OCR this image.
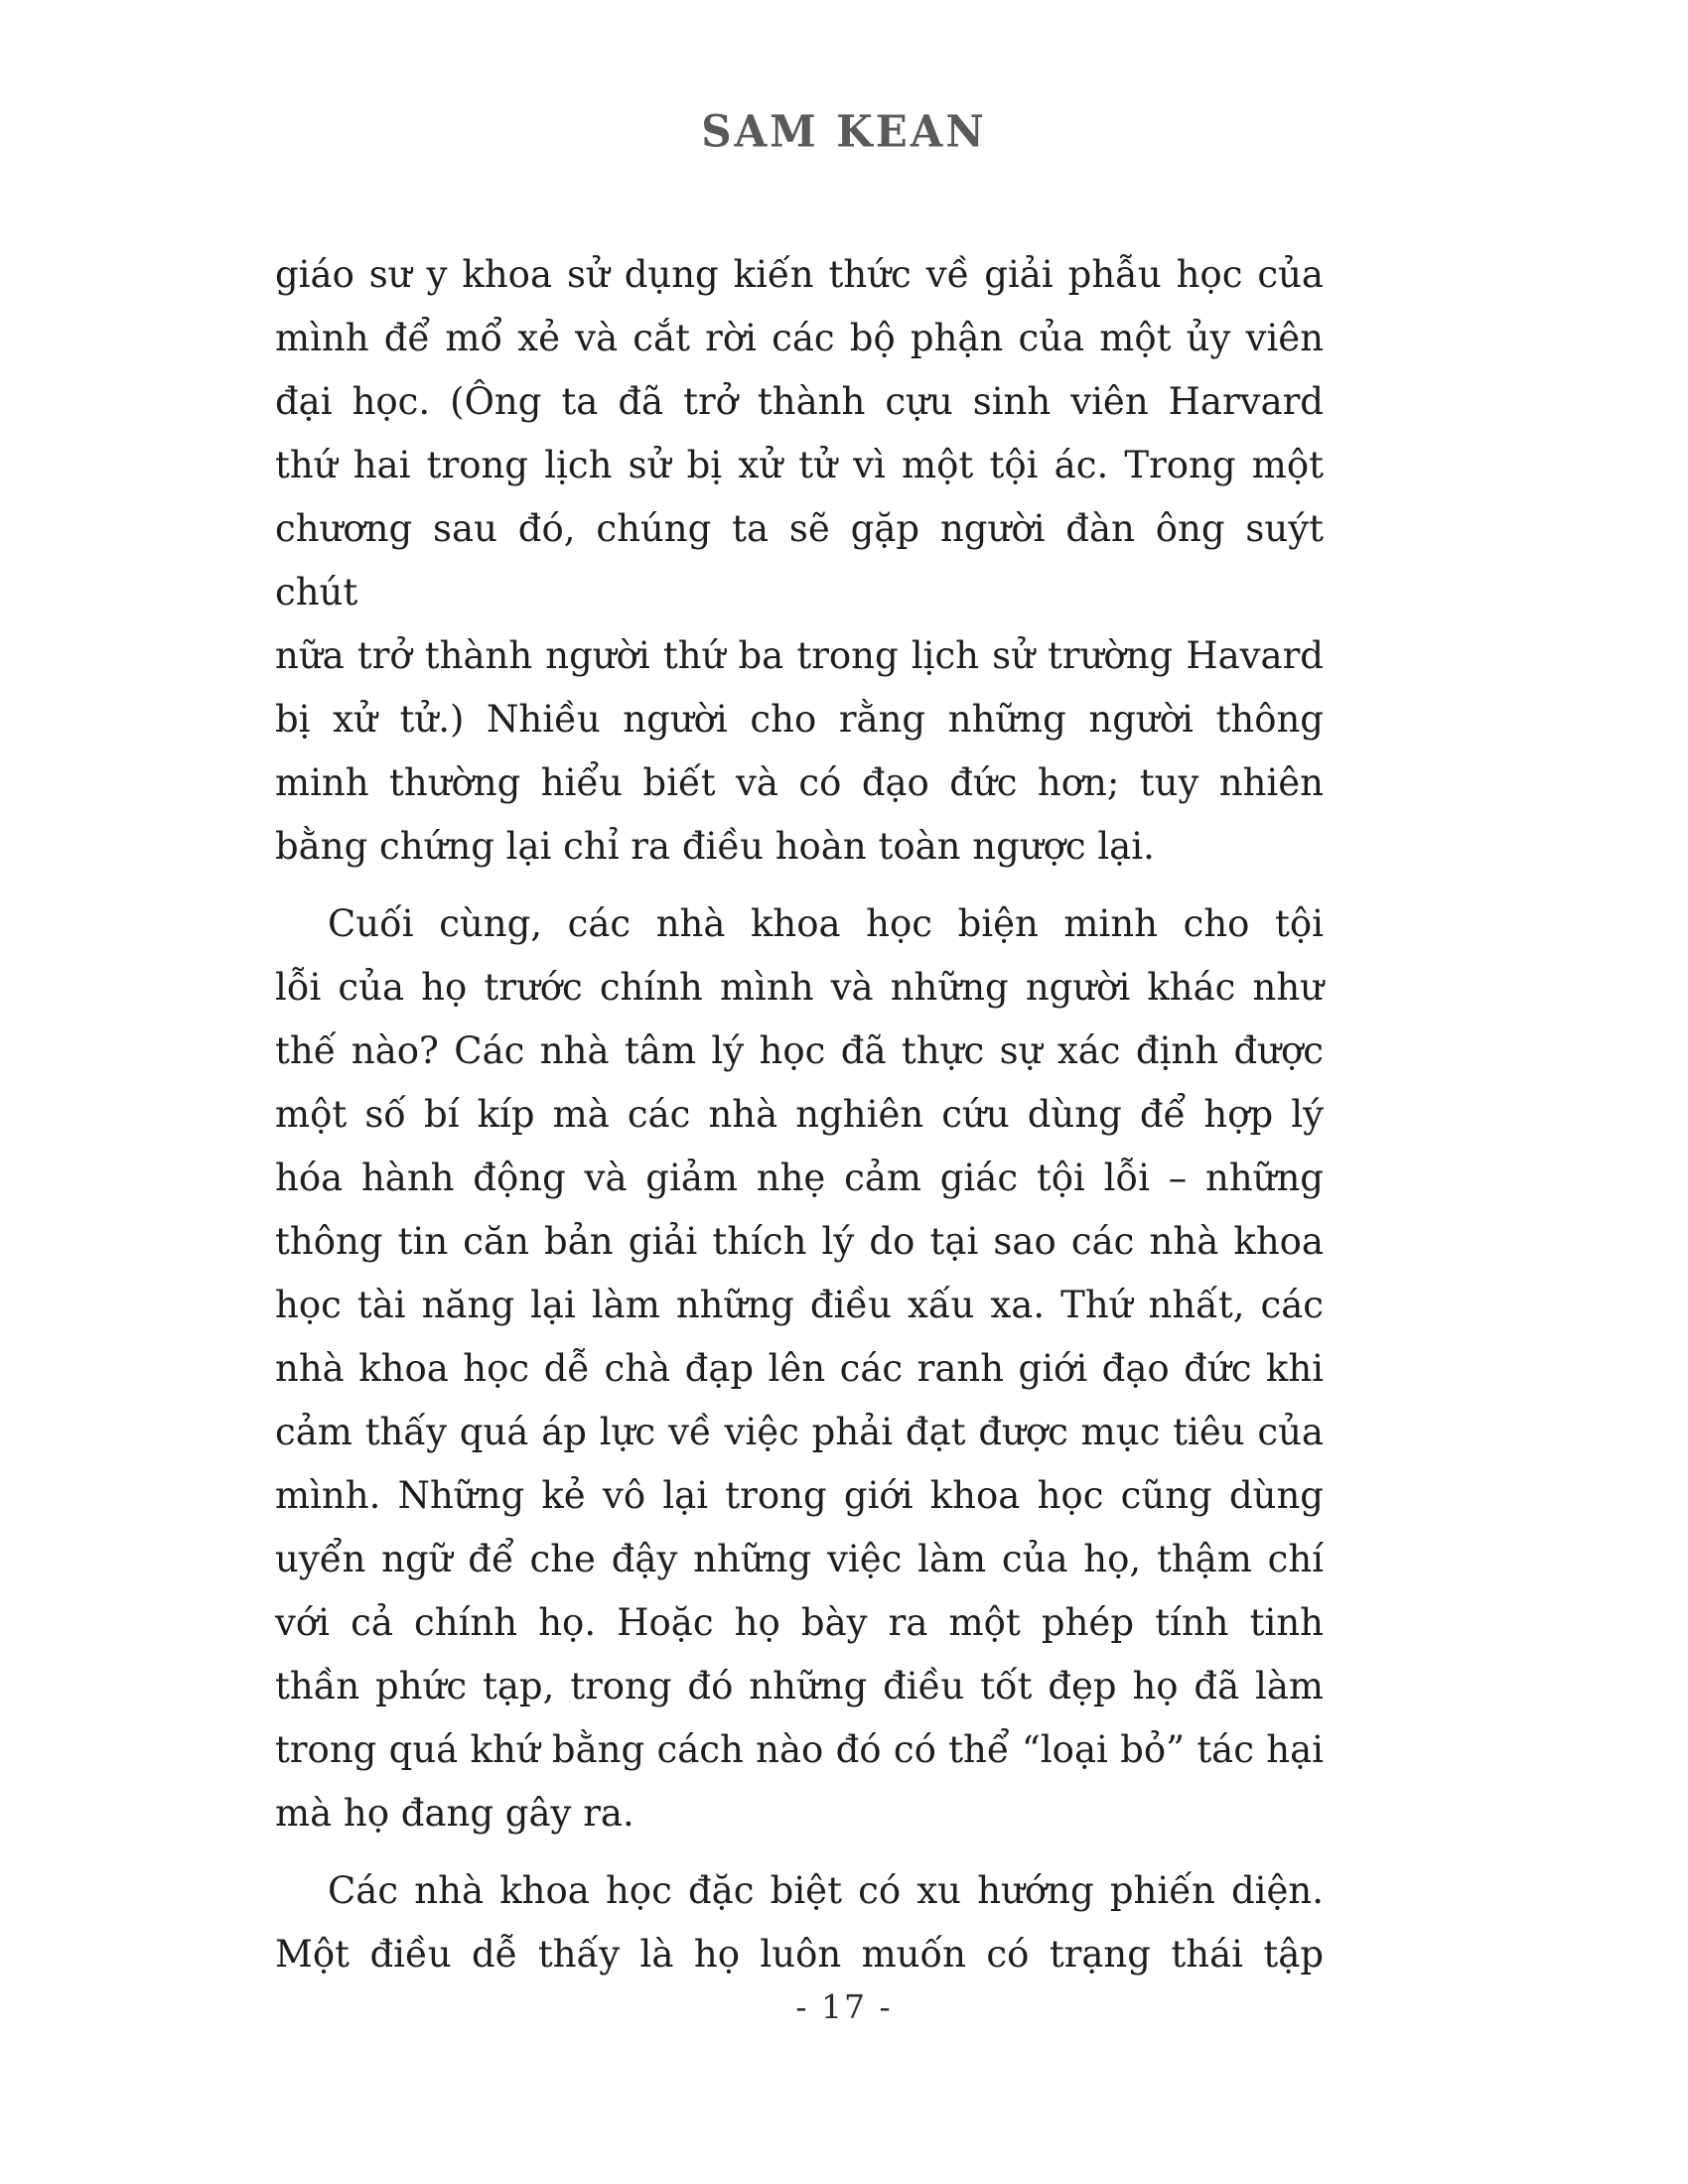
SAM KEAN
giáo sư y khoa sử dụng kiến thức về giải phẫu học của
mình để mổ xẻ và cắt rời các bộ phận của một ủy viên
đại học. (Ông ta đã trở thành cựu sinh viên Harvard
thứ hai trong lịch sử bị xử tử vì một tội ác. Trong một
chương sau đó, chúng ta sẽ gặp người đàn ông suýt chút
nữa trở thành người thứ ba trong lịch sử trường Havard
bị xử tử.) Nhiều người cho rằng những người thông
minh thường hiểu biết và có đạo đức hơn; tuy nhiên
bằng chứng lại chỉ ra điều hoàn toàn ngược lại.
Cuối cùng, các nhà khoa học biện minh cho tội
lỗi của họ trước chính mình và những người khác như
thế nào? Các nhà tâm lý học đã thực sự xác định được
một số bí kíp mà các nhà nghiên cứu dùng để hợp lý
hóa hành động và giảm nhẹ cảm giác tội lỗi – những
thông tin căn bản giải thích lý do tại sao các nhà khoa
học tài năng lại làm những điều xấu xa. Thứ nhất, các
nhà khoa học dễ chà đạp lên các ranh giới đạo đức khi
cảm thấy quá áp lực về việc phải đạt được mục tiêu của
mình. Những kẻ vô lại trong giới khoa học cũng dùng
uyển ngữ để che đậy những việc làm của họ, thậm chí
với cả chính họ. Hoặc họ bày ra một phép tính tinh
thần phức tạp, trong đó những điều tốt đẹp họ đã làm
trong quá khứ bằng cách nào đó có thể “loại bỏ” tác hại
mà họ đang gây ra.
Các nhà khoa học đặc biệt có xu hướng phiến diện.
Một điều dễ thấy là họ luôn muốn có trạng thái tập
- 17 -
